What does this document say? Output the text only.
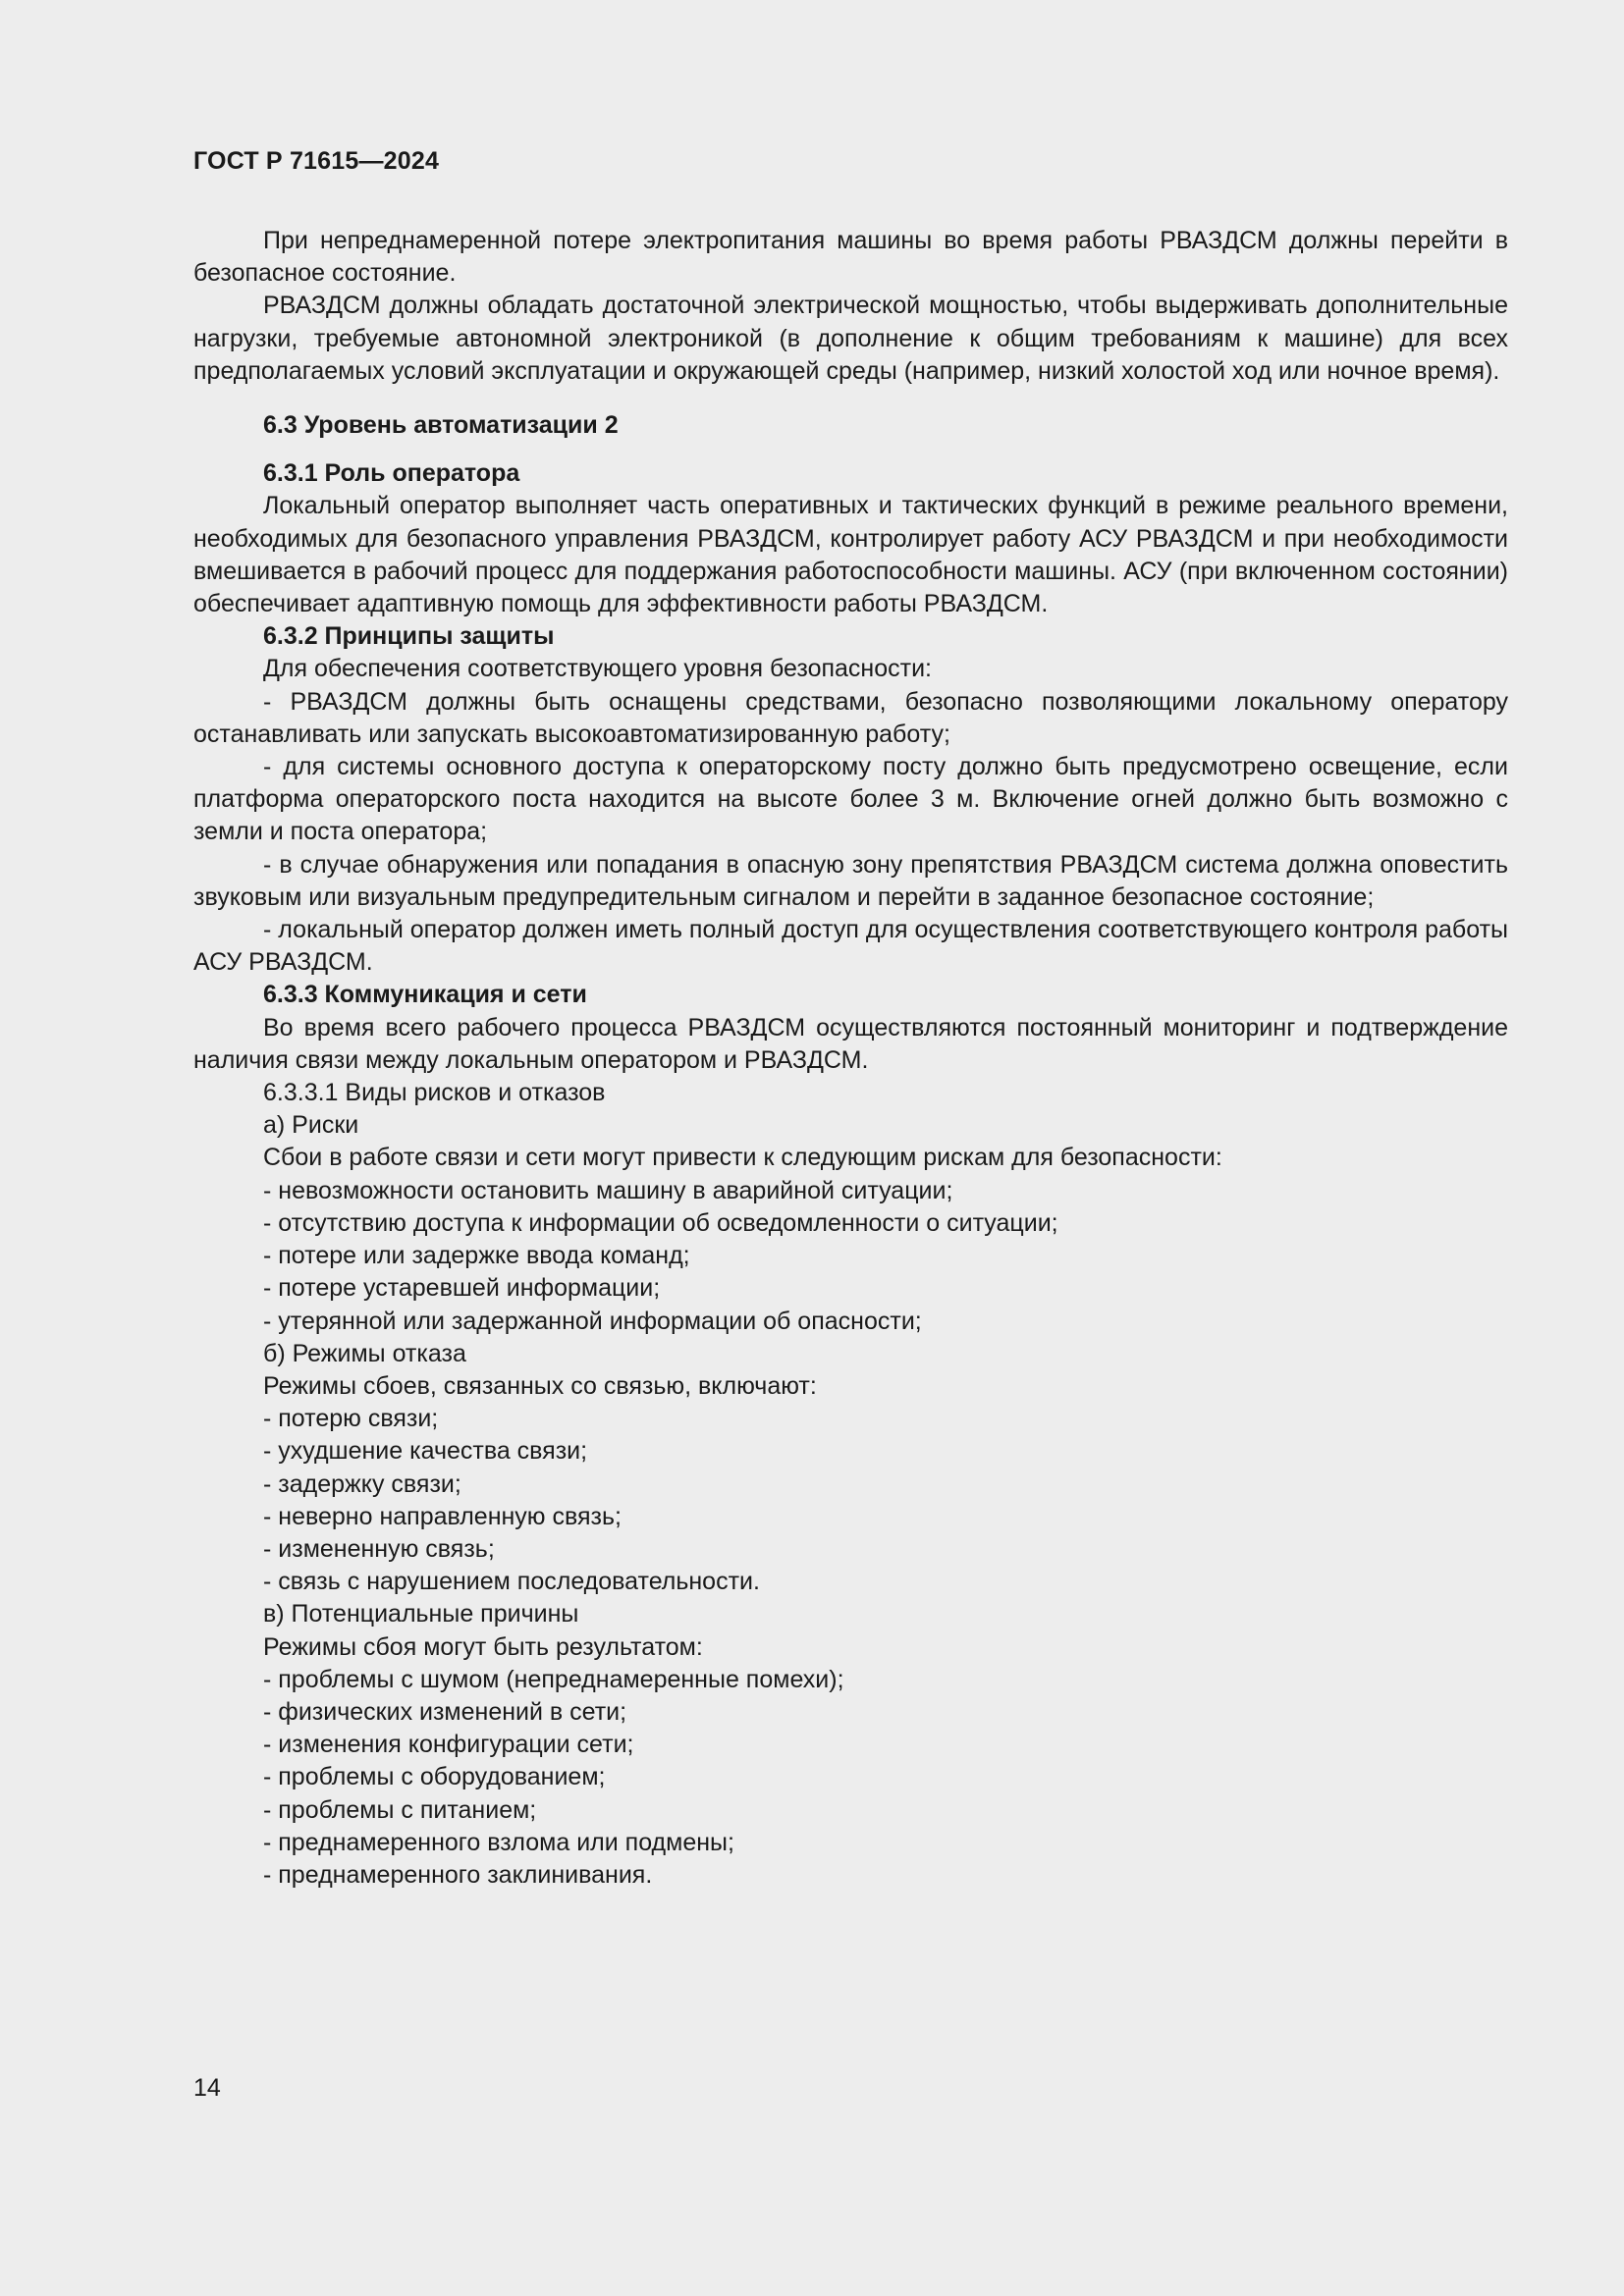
ГОСТ Р 71615—2024

При непреднамеренной потере электропитания машины во время работы РВАЗДСМ должны перейти в безопасное состояние.

РВАЗДСМ должны обладать достаточной электрической мощностью, чтобы выдерживать дополнительные нагрузки, требуемые автономной электроникой (в дополнение к общим требованиям к машине) для всех предполагаемых условий эксплуатации и окружающей среды (например, низкий холостой ход или ночное время).

6.3 Уровень автоматизации 2

6.3.1 Роль оператора

Локальный оператор выполняет часть оперативных и тактических функций в режиме реального времени, необходимых для безопасного управления РВАЗДСМ, контролирует работу АСУ РВАЗДСМ и при необходимости вмешивается в рабочий процесс для поддержания работоспособности машины. АСУ (при включенном состоянии) обеспечивает адаптивную помощь для эффективности работы РВАЗДСМ.

6.3.2 Принципы защиты

Для обеспечения соответствующего уровня безопасности:

- РВАЗДСМ должны быть оснащены средствами, безопасно позволяющими локальному оператору останавливать или запускать высокоавтоматизированную работу;

- для системы основного доступа к операторскому посту должно быть предусмотрено освещение, если платформа операторского поста находится на высоте более 3 м. Включение огней должно быть возможно с земли и поста оператора;

- в случае обнаружения или попадания в опасную зону препятствия РВАЗДСМ система должна оповестить звуковым или визуальным предупредительным сигналом и перейти в заданное безопасное состояние;

- локальный оператор должен иметь полный доступ для осуществления соответствующего контроля работы АСУ РВАЗДСМ.

6.3.3 Коммуникация и сети

Во время всего рабочего процесса РВАЗДСМ осуществляются постоянный мониторинг и подтверждение наличия связи между локальным оператором и РВАЗДСМ.

6.3.3.1 Виды рисков и отказов

а) Риски

Сбои в работе связи и сети могут привести к следующим рискам для безопасности:

- невозможности остановить машину в аварийной ситуации;

- отсутствию доступа к информации об осведомленности о ситуации;

- потере или задержке ввода команд;

- потере устаревшей информации;

- утерянной или задержанной информации об опасности;

б) Режимы отказа

Режимы сбоев, связанных со связью, включают:

- потерю связи;

- ухудшение качества связи;

- задержку связи;

- неверно направленную связь;

- измененную связь;

- связь с нарушением последовательности.

в) Потенциальные причины

Режимы сбоя могут быть результатом:

- проблемы с шумом (непреднамеренные помехи);

- физических изменений в сети;

- изменения конфигурации сети;

- проблемы с оборудованием;

- проблемы с питанием;

- преднамеренного взлома или подмены;

- преднамеренного заклинивания.

14
